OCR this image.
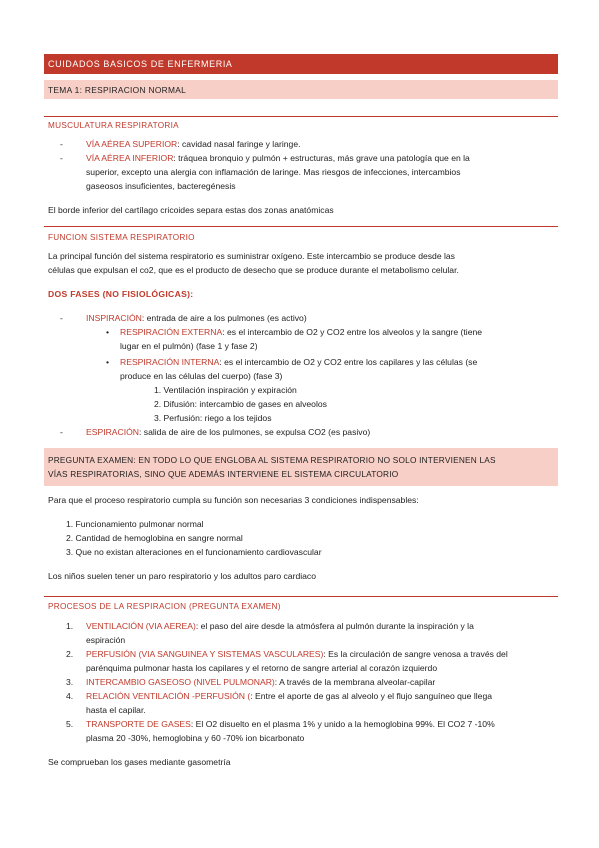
CUIDADOS BASICOS DE ENFERMERIA
TEMA 1: RESPIRACION NORMAL
MUSCULATURA RESPIRATORIA
-	VÍA AÉREA SUPERIOR: cavidad nasal faringe y laringe.
-	VÍA AÉREA INFERIOR: tráquea bronquio y pulmón + estructuras, más grave una patología que en la
superior, excepto una alergia con inflamación de laringe. Mas riesgos de infecciones, intercambios
gaseosos insuficientes, bacteregénesis
El borde inferior del cartílago cricoides separa estas dos zonas anatómicas
FUNCION SISTEMA RESPIRATORIO
La principal función del sistema respiratorio es suministrar oxígeno. Este intercambio se produce desde las
células que expulsan el co2, que es el producto de desecho que se produce durante el metabolismo celular.
DOS FASES (NO FISIOLÓGICAS):
-	INSPIRACIÓN: entrada de aire a los pulmones (es activo)
• RESPIRACIÓN EXTERNA: es el intercambio de O2 y CO2 entre los alveolos y la sangre (tiene
lugar en el pulmón) (fase 1 y fase 2)
• RESPIRACIÓN INTERNA: es el intercambio de O2 y CO2 entre los capilares y las células (se
produce en las células del cuerpo) (fase 3)
1. Ventilación inspiración y expiración
2. Difusión: intercambio de gases en alveolos
3. Perfusión: riego a los tejidos
-	ESPIRACIÓN: salida de aire de los pulmones, se expulsa CO2 (es pasivo)
PREGUNTA EXAMEN: EN TODO LO QUE ENGLOBA AL SISTEMA RESPIRATORIO NO SOLO INTERVIENEN LAS
VÍAS RESPIRATORIAS, SINO QUE ADEMÁS INTERVIENE EL SISTEMA CIRCULATORIO
Para que el proceso respiratorio cumpla su función son necesarias 3 condiciones indispensables:
1. Funcionamiento pulmonar normal
2. Cantidad de hemoglobina en sangre normal
3. Que no existan alteraciones en el funcionamiento cardiovascular
Los niños suelen tener un paro respiratorio y los adultos paro cardiaco
PROCESOS DE LA RESPIRACION (PREGUNTA EXAMEN)
1. VENTILACIÓN (VIA AEREA): el paso del aire desde la atmósfera al pulmón durante la inspiración y la
espiración
2. PERFUSIÓN (VIA SANGUINEA Y SISTEMAS VASCULARES): Es la circulación de sangre venosa a través del
parénquima pulmonar hasta los capilares y el retorno de sangre arterial al corazón izquierdo
3. INTERCAMBIO GASEOSO (NIVEL PULMONAR): A través de la membrana alveolar-capilar
4. RELACIÓN VENTILACIÓN -PERFUSIÓN (: Entre el aporte de gas al alveolo y el flujo sanguíneo que llega
hasta el capilar.
5. TRANSPORTE DE GASES: El O2 disuelto en el plasma 1% y unido a la hemoglobina 99%. El CO2 7 -10%
plasma 20 -30%, hemoglobina y 60 -70% ion bicarbonato
Se comprueban los gases mediante gasometría
